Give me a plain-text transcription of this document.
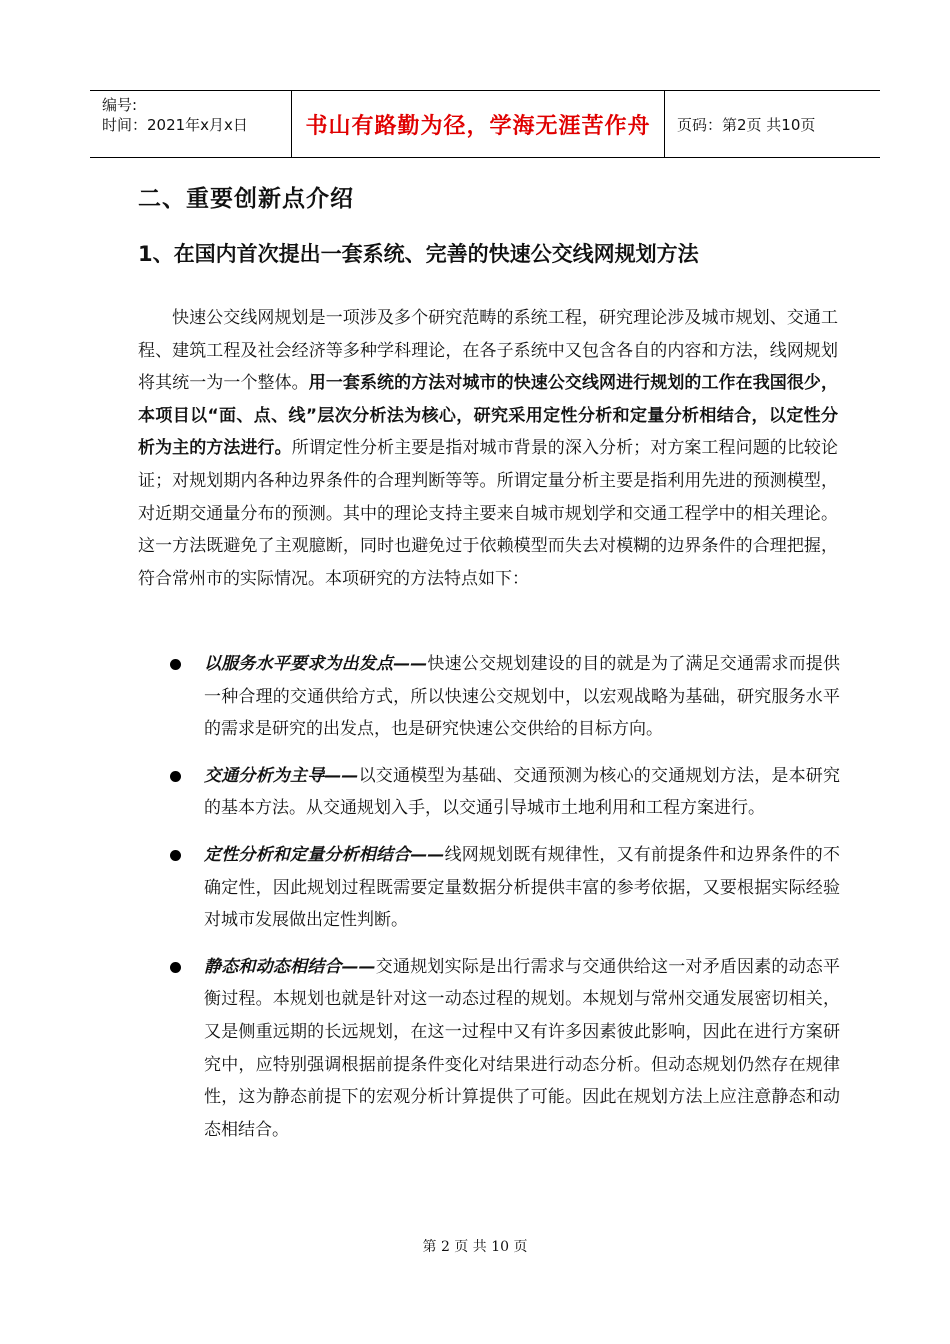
编号:
时间：2021年x月x日	书山有路勤为径，学海无涯苦作舟	页码：第2页 共10页
二、重要创新点介绍
1、在国内首次提出一套系统、完善的快速公交线网规划方法
快速公交线网规划是一项涉及多个研究范畴的系统工程，研究理论涉及城市规划、交通工程、建筑工程及社会经济等多种学科理论，在各子系统中又包含各自的内容和方法，线网规划将其统一为一个整体。用一套系统的方法对城市的快速公交线网进行规划的工作在我国很少，本项目以“面、点、线”层次分析法为核心，研究采用定性分析和定量分析相结合，以定性分析为主的方法进行。所谓定性分析主要是指对城市背景的深入分析；对方案工程问题的比较论证；对规划期内各种边界条件的合理判断等等。所谓定量分析主要是指利用先进的预测模型，对近期交通量分布的预测。其中的理论支持主要来自城市规划学和交通工程学中的相关理论。这一方法既避免了主观臆断，同时也避免过于依赖模型而失去对模糊的边界条件的合理把握，符合常州市的实际情况。本项研究的方法特点如下：
以服务水平要求为出发点——快速公交规划建设的目的就是为了满足交通需求而提供一种合理的交通供给方式，所以快速公交规划中，以宏观战略为基础，研究服务水平的需求是研究的出发点，也是研究快速公交供给的目标方向。
交通分析为主导——以交通模型为基础、交通预测为核心的交通规划方法，是本研究的基本方法。从交通规划入手，以交通引导城市土地利用和工程方案进行。
定性分析和定量分析相结合——线网规划既有规律性，又有前提条件和边界条件的不确定性，因此规划过程既需要定量数据分析提供丰富的参考依据，又要根据实际经验对城市发展做出定性判断。
静态和动态相结合——交通规划实际是出行需求与交通供给这一对矛盾因素的动态平衡过程。本规划也就是针对这一动态过程的规划。本规划与常州交通发展密切相关，又是侧重远期的长远规划，在这一过程中又有许多因素彼此影响，因此在进行方案研究中，应特别强调根据前提条件变化对结果进行动态分析。但动态规划仍然存在规律性，这为静态前提下的宏观分析计算提供了可能。因此在规划方法上应注意静态和动态相结合。
第 2 页 共 10 页
